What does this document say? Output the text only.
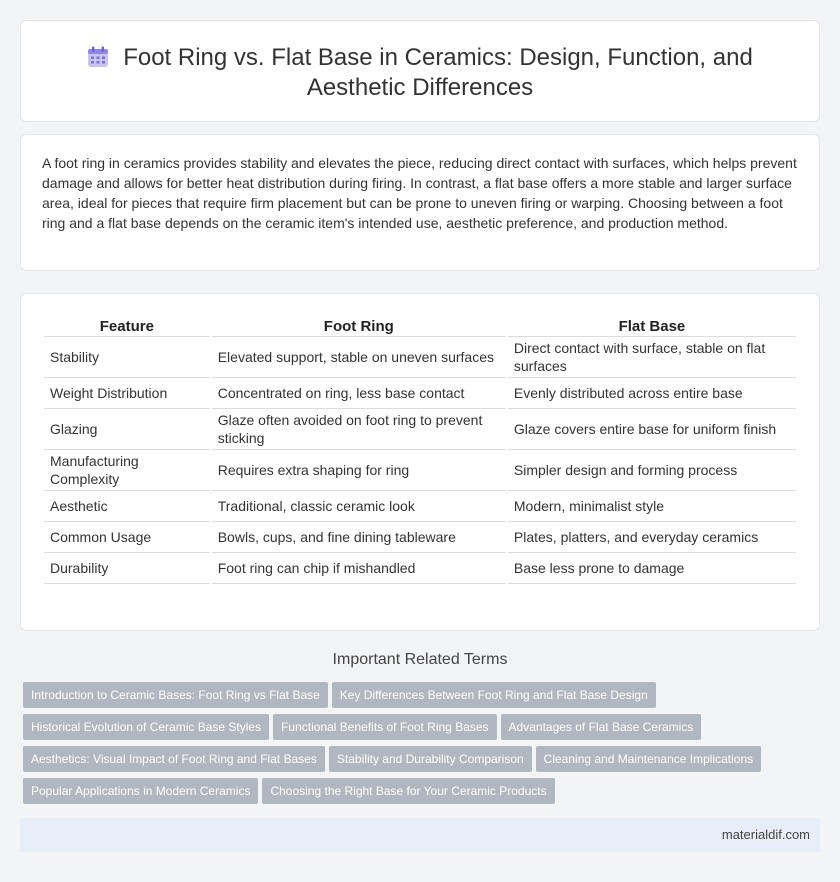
Foot Ring vs. Flat Base in Ceramics: Design, Function, and
Aesthetic Differences
A foot ring in ceramics provides stability and elevates the piece, reducing direct contact with surfaces, which helps prevent damage and allows for better heat distribution during firing. In contrast, a flat base offers a more stable and larger surface area, ideal for pieces that require firm placement but can be prone to uneven firing or warping. Choosing between a foot ring and a flat base depends on the ceramic item's intended use, aesthetic preference, and production method.
Feature	Foot Ring	Flat Base
Stability	Elevated support, stable on uneven surfaces	Direct contact with surface, stable on flat surfaces
Weight Distribution	Concentrated on ring, less base contact	Evenly distributed across entire base
Glazing	Glaze often avoided on foot ring to prevent sticking	Glaze covers entire base for uniform finish
Manufacturing Complexity	Requires extra shaping for ring	Simpler design and forming process
Aesthetic	Traditional, classic ceramic look	Modern, minimalist style
Common Usage	Bowls, cups, and fine dining tableware	Plates, platters, and everyday ceramics
Durability	Foot ring can chip if mishandled	Base less prone to damage
Important Related Terms
Introduction to Ceramic Bases: Foot Ring vs Flat Base Key Differences Between Foot Ring and Flat Base Design
Historical Evolution of Ceramic Base Styles Functional Benefits of Foot Ring Bases Advantages of Flat Base Ceramics
Aesthetics: Visual Impact of Foot Ring and Flat Bases Stability and Durability Comparison Cleaning and Maintenance Implications
Popular Applications in Modern Ceramics Choosing the Right Base for Your Ceramic Products
materialdif.com
